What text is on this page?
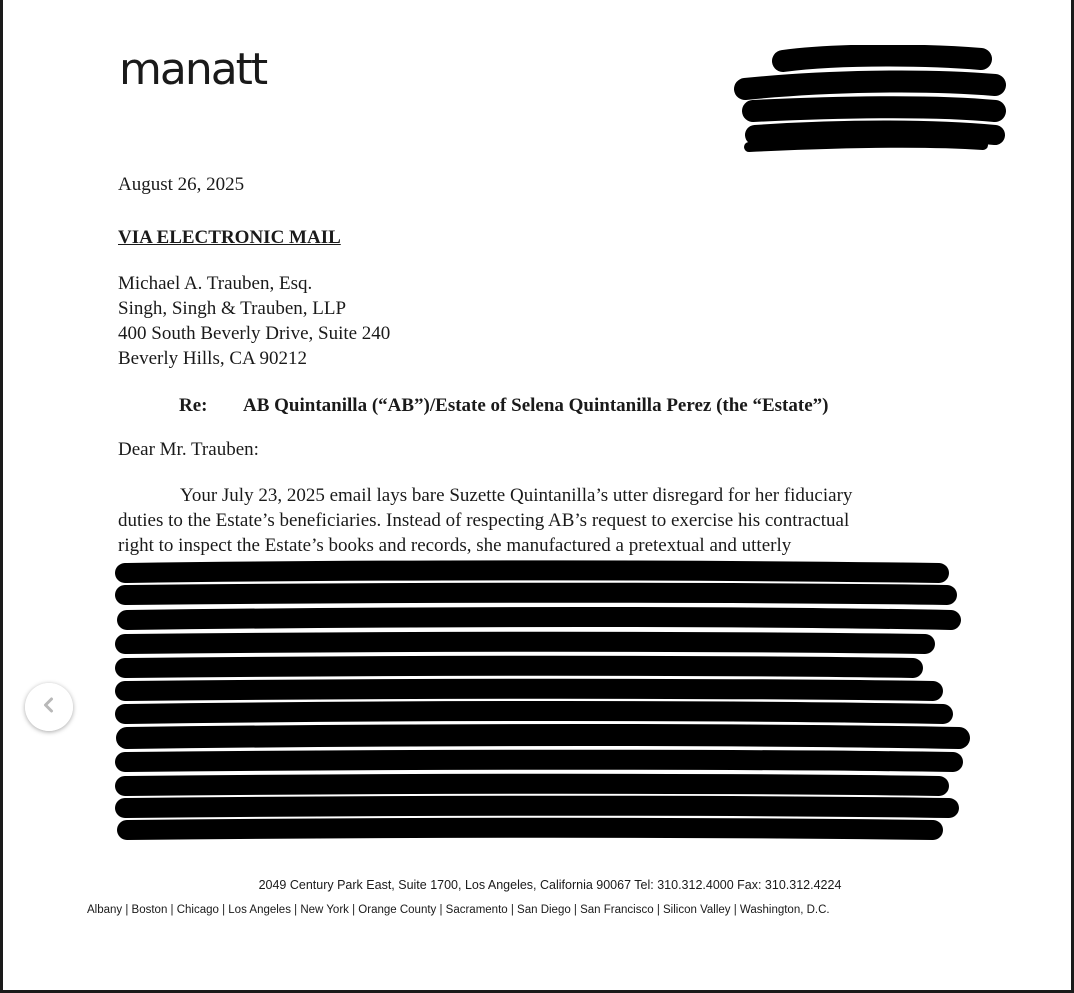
manatt
August 26, 2025
VIA ELECTRONIC MAIL
Michael A. Trauben, Esq.
Singh, Singh & Trauben, LLP
400 South Beverly Drive, Suite 240
Beverly Hills, CA 90212
Re: AB Quintanilla (“AB”)/Estate of Selena Quintanilla Perez (the “Estate”)
Dear Mr. Trauben:
Your July 23, 2025 email lays bare Suzette Quintanilla’s utter disregard for her fiduciary
duties to the Estate’s beneficiaries. Instead of respecting AB’s request to exercise his contractual
right to inspect the Estate’s books and records, she manufactured a pretextual and utterly
2049 Century Park East, Suite 1700, Los Angeles, California 90067 Tel: 310.312.4000 Fax: 310.312.4224
Albany | Boston | Chicago | Los Angeles | New York | Orange County | Sacramento | San Diego | San Francisco | Silicon Valley | Washington, D.C.
